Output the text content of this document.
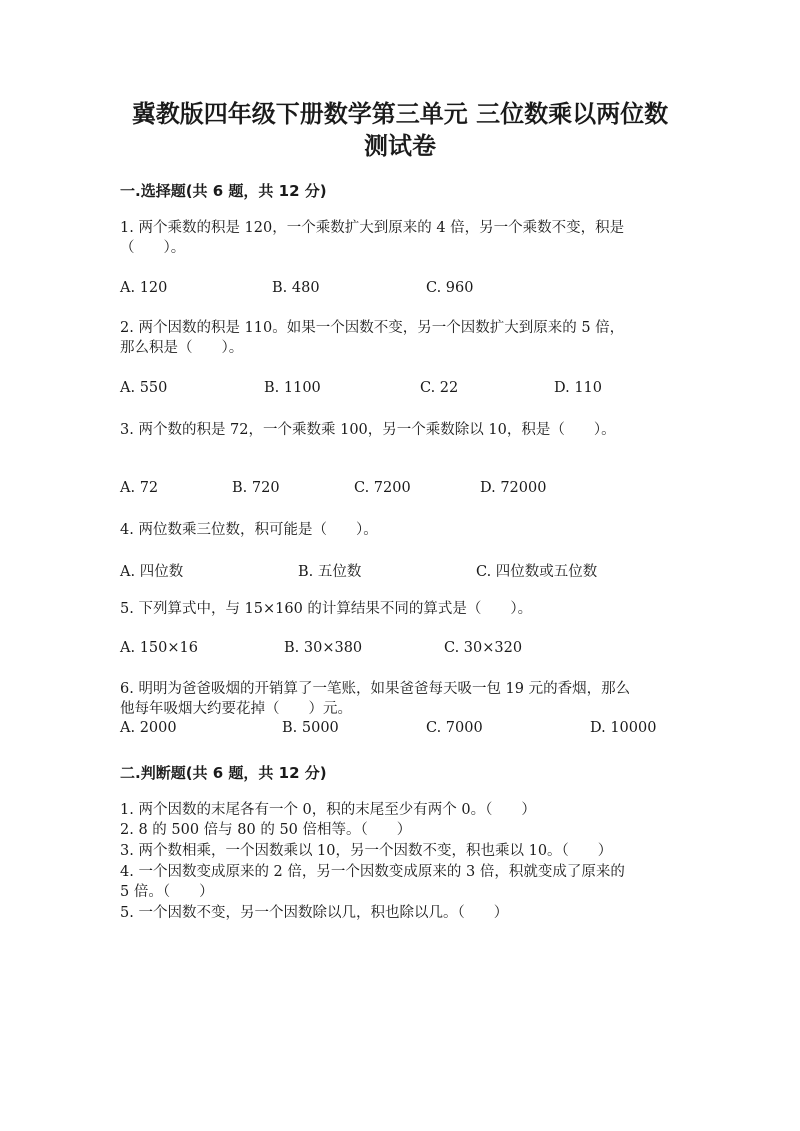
冀教版四年级下册数学第三单元 三位数乘以两位数
测试卷
一.选择题(共 6 题，共 12 分)
1. 两个乘数的积是 120，一个乘数扩大到原来的 4 倍，另一个乘数不变，积是
（　　）。
A. 120	B. 480	C. 960
2. 两个因数的积是 110。如果一个因数不变，另一个因数扩大到原来的 5 倍，
那么积是（　　）。
A. 550	B. 1100	C. 22	D. 110
3. 两个数的积是 72，一个乘数乘 100，另一个乘数除以 10，积是（　　）。
A. 72	B. 720	C. 7200	D. 72000
4. 两位数乘三位数，积可能是（　　）。
A. 四位数	B. 五位数	C. 四位数或五位数
5. 下列算式中，与 15×160 的计算结果不同的算式是（　　）。
A. 150×16	B. 30×380	C. 30×320
6. 明明为爸爸吸烟的开销算了一笔账，如果爸爸每天吸一包 19 元的香烟，那么
他每年吸烟大约要花掉（　　）元。
A. 2000	B. 5000	C. 7000	D. 10000
二.判断题(共 6 题，共 12 分)
1. 两个因数的末尾各有一个 0，积的末尾至少有两个 0。（　　）
2. 8 的 500 倍与 80 的 50 倍相等。（　　）
3. 两个数相乘，一个因数乘以 10，另一个因数不变，积也乘以 10。（　　）
4. 一个因数变成原来的 2 倍，另一个因数变成原来的 3 倍，积就变成了原来的
5 倍。（　　）
5. 一个因数不变，另一个因数除以几，积也除以几。（　　）
